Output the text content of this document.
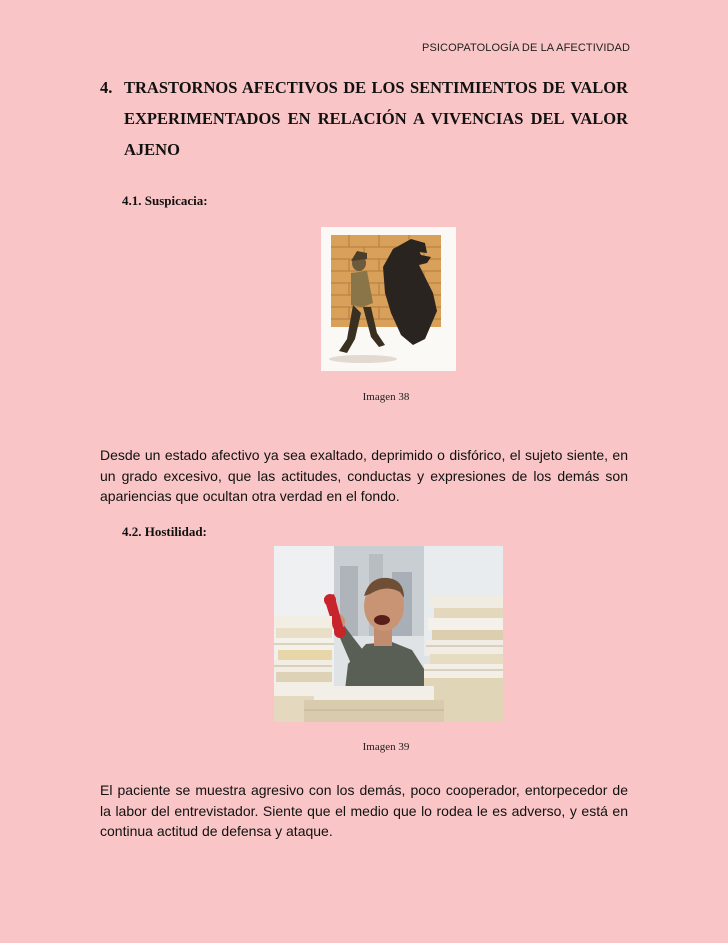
PSICOPATOLOGÍA DE LA AFECTIVIDAD
4. TRASTORNOS AFECTIVOS DE LOS SENTIMIENTOS DE VALOR EXPERIMENTADOS EN RELACIÓN A VIVENCIAS DEL VALOR AJENO
4.1. Suspicacia:
Imagen 38
Desde un estado afectivo ya sea exaltado, deprimido o disfórico, el sujeto siente, en un grado excesivo, que las actitudes, conductas y expresiones de los demás son apariencias que ocultan otra verdad en el fondo.
4.2. Hostilidad:
Imagen 39
El paciente se muestra agresivo con los demás, poco cooperador, entorpecedor de la labor del entrevistador. Siente que el medio que lo rodea le es adverso, y está en continua actitud de defensa y ataque.
